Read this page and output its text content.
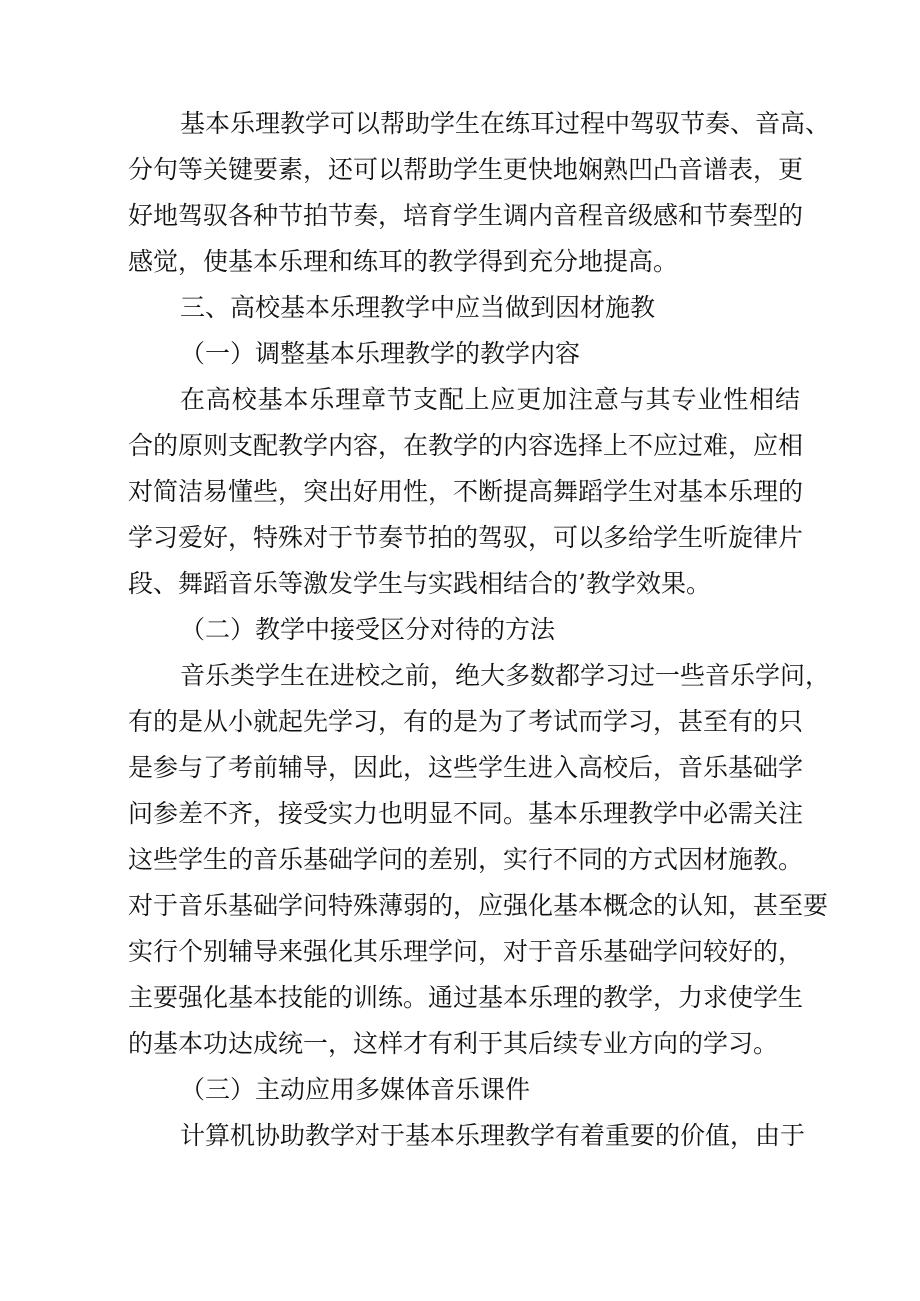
基本乐理教学可以帮助学生在练耳过程中驾驭节奏、音高、
分句等关键要素，还可以帮助学生更快地娴熟凹凸音谱表，更
好地驾驭各种节拍节奏，培育学生调内音程音级感和节奏型的
感觉，使基本乐理和练耳的教学得到充分地提高。
三、高校基本乐理教学中应当做到因材施教
（一）调整基本乐理教学的教学内容
在高校基本乐理章节支配上应更加注意与其专业性相结
合的原则支配教学内容，在教学的内容选择上不应过难，应相
对简洁易懂些，突出好用性，不断提高舞蹈学生对基本乐理的
学习爱好，特殊对于节奏节拍的驾驭，可以多给学生听旋律片
段、舞蹈音乐等激发学生与实践相结合的’教学效果。
（二）教学中接受区分对待的方法
音乐类学生在进校之前，绝大多数都学习过一些音乐学问，
有的是从小就起先学习，有的是为了考试而学习，甚至有的只
是参与了考前辅导，因此，这些学生进入高校后，音乐基础学
问参差不齐，接受实力也明显不同。基本乐理教学中必需关注
这些学生的音乐基础学问的差别，实行不同的方式因材施教。
对于音乐基础学问特殊薄弱的，应强化基本概念的认知，甚至要
实行个别辅导来强化其乐理学问，对于音乐基础学问较好的，
主要强化基本技能的训练。通过基本乐理的教学，力求使学生
的基本功达成统一，这样才有利于其后续专业方向的学习。
（三）主动应用多媒体音乐课件
计算机协助教学对于基本乐理教学有着重要的价值，由于
